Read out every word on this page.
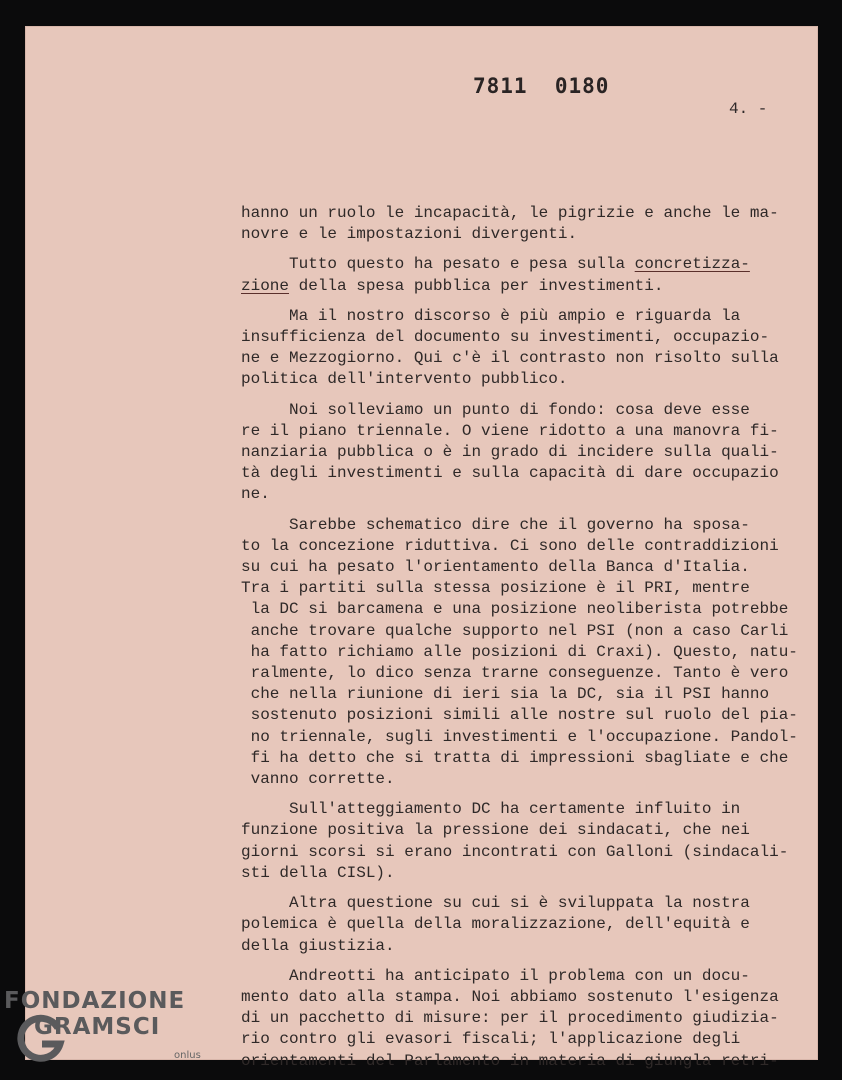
7811  0180
4. -
hanno un ruolo le incapacità, le pigrizie e anche le ma-
novre e le impostazioni divergenti.
Tutto questo ha pesato e pesa sulla concretizza-
zione della spesa pubblica per investimenti.
Ma il nostro discorso è più ampio e riguarda la
insufficienza del documento su investimenti, occupazio-
ne e Mezzogiorno. Qui c'è il contrasto non risolto sulla
politica dell'intervento pubblico.
Noi solleviamo un punto di fondo: cosa deve esse
re il piano triennale. O viene ridotto a una manovra fi-
nanziaria pubblica o è in grado di incidere sulla quali-
tà degli investimenti e sulla capacità di dare occupazio
ne.
Sarebbe schematico dire che il governo ha sposa-
to la concezione riduttiva. Ci sono delle contraddizioni
su cui ha pesato l'orientamento della Banca d'Italia.
Tra i partiti sulla stessa posizione è il PRI, mentre
la DC si barcamena e una posizione neoliberista potrebbe
anche trovare qualche supporto nel PSI (non a caso Carli
ha fatto richiamo alle posizioni di Craxi). Questo, natu-
ralmente, lo dico senza trarne conseguenze. Tanto è vero
che nella riunione di ieri sia la DC, sia il PSI hanno
sostenuto posizioni simili alle nostre sul ruolo del pia-
no triennale, sugli investimenti e l'occupazione. Pandol-
fi ha detto che si tratta di impressioni sbagliate e che
vanno corrette.
Sull'atteggiamento DC ha certamente influito in
funzione positiva la pressione dei sindacati, che nei
giorni scorsi si erano incontrati con Galloni (sindacali-
sti della CISL).
Altra questione su cui si è sviluppata la nostra
polemica è quella della moralizzazione, dell'equità e
della giustizia.
Andreotti ha anticipato il problema con un docu-
mento dato alla stampa. Noi abbiamo sostenuto l'esigenza
di un pacchetto di misure: per il procedimento giudizia-
rio contro gli evasori fiscali; l'applicazione degli
orientamenti del Parlamento in materia di giungla retri-
FONDAZIONE
GRAMSCI
onlus
